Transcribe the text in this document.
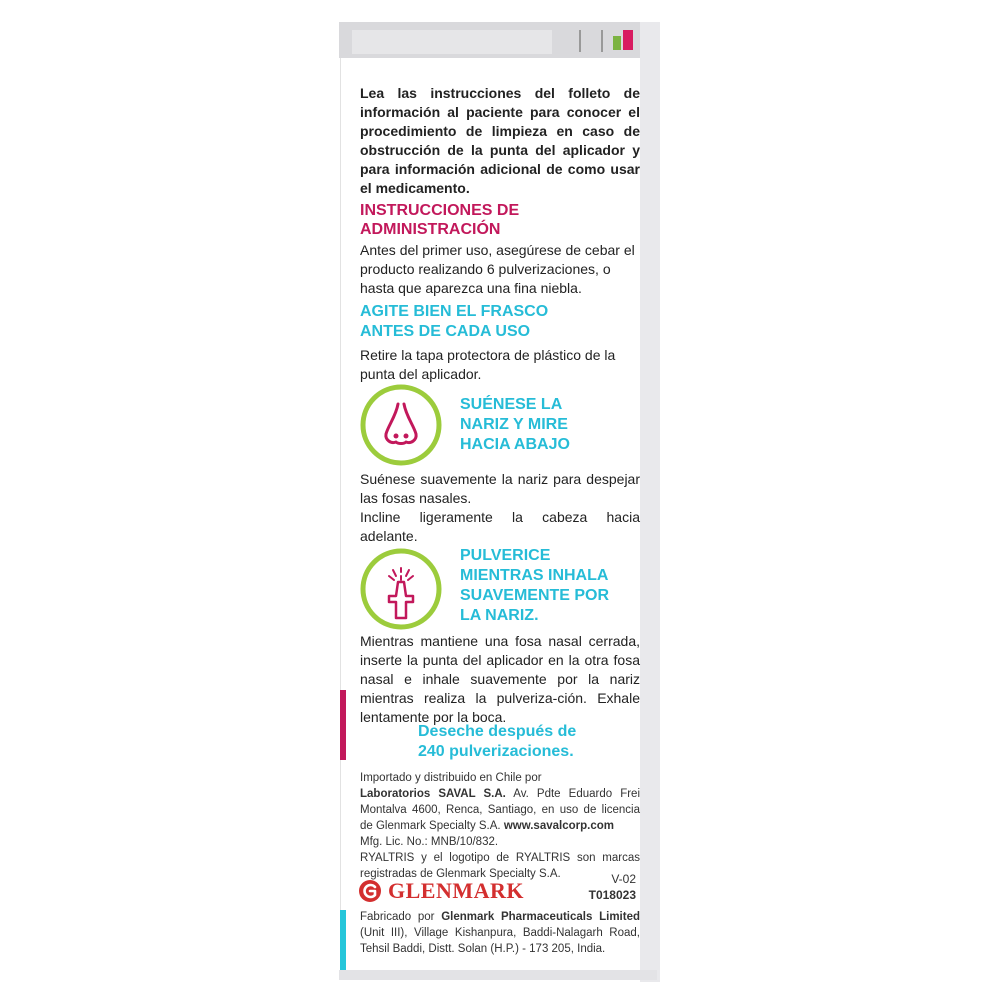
Lea las instrucciones del folleto de información al paciente para conocer el procedimiento de limpieza en caso de obstrucción de la punta del aplicador y para información adicional de como usar el medicamento.
INSTRUCCIONES DE
ADMINISTRACIÓN
Antes del primer uso, asegúrese de cebar el producto realizando 6 pulverizaciones, o hasta que aparezca una fina niebla.
AGITE BIEN EL FRASCO
ANTES DE CADA USO
Retire la tapa protectora de plástico de la punta del aplicador.
SUÉNESE LA
NARIZ Y MIRE
HACIA ABAJO
Suénese suavemente la nariz para despejar las fosas nasales.
Incline ligeramente la cabeza hacia adelante.
PULVERICE
MIENTRAS INHALA
SUAVEMENTE POR
LA NARIZ.
Mientras mantiene una fosa nasal cerrada, inserte la punta del aplicador en la otra fosa nasal e inhale suavemente por la nariz mientras realiza la pulveriza-ción. Exhale lentamente por la boca.
Deseche después de
240 pulverizaciones.
Importado y distribuido en Chile por
Laboratorios SAVAL S.A. Av. Pdte Eduardo Frei Montalva 4600, Renca, Santiago, en uso de licencia de Glenmark Specialty S.A. www.savalcorp.com
Mfg. Lic. No.: MNB/10/832.
RYALTRIS y el logotipo de RYALTRIS son marcas registradas de Glenmark Specialty S.A.	V-02
T018023
GLENMARK
Fabricado por Glenmark Pharmaceuticals Limited (Unit III), Village Kishanpura, Baddi-Nalagarh Road, Tehsil Baddi, Distt. Solan (H.P.) - 173 205, India.
